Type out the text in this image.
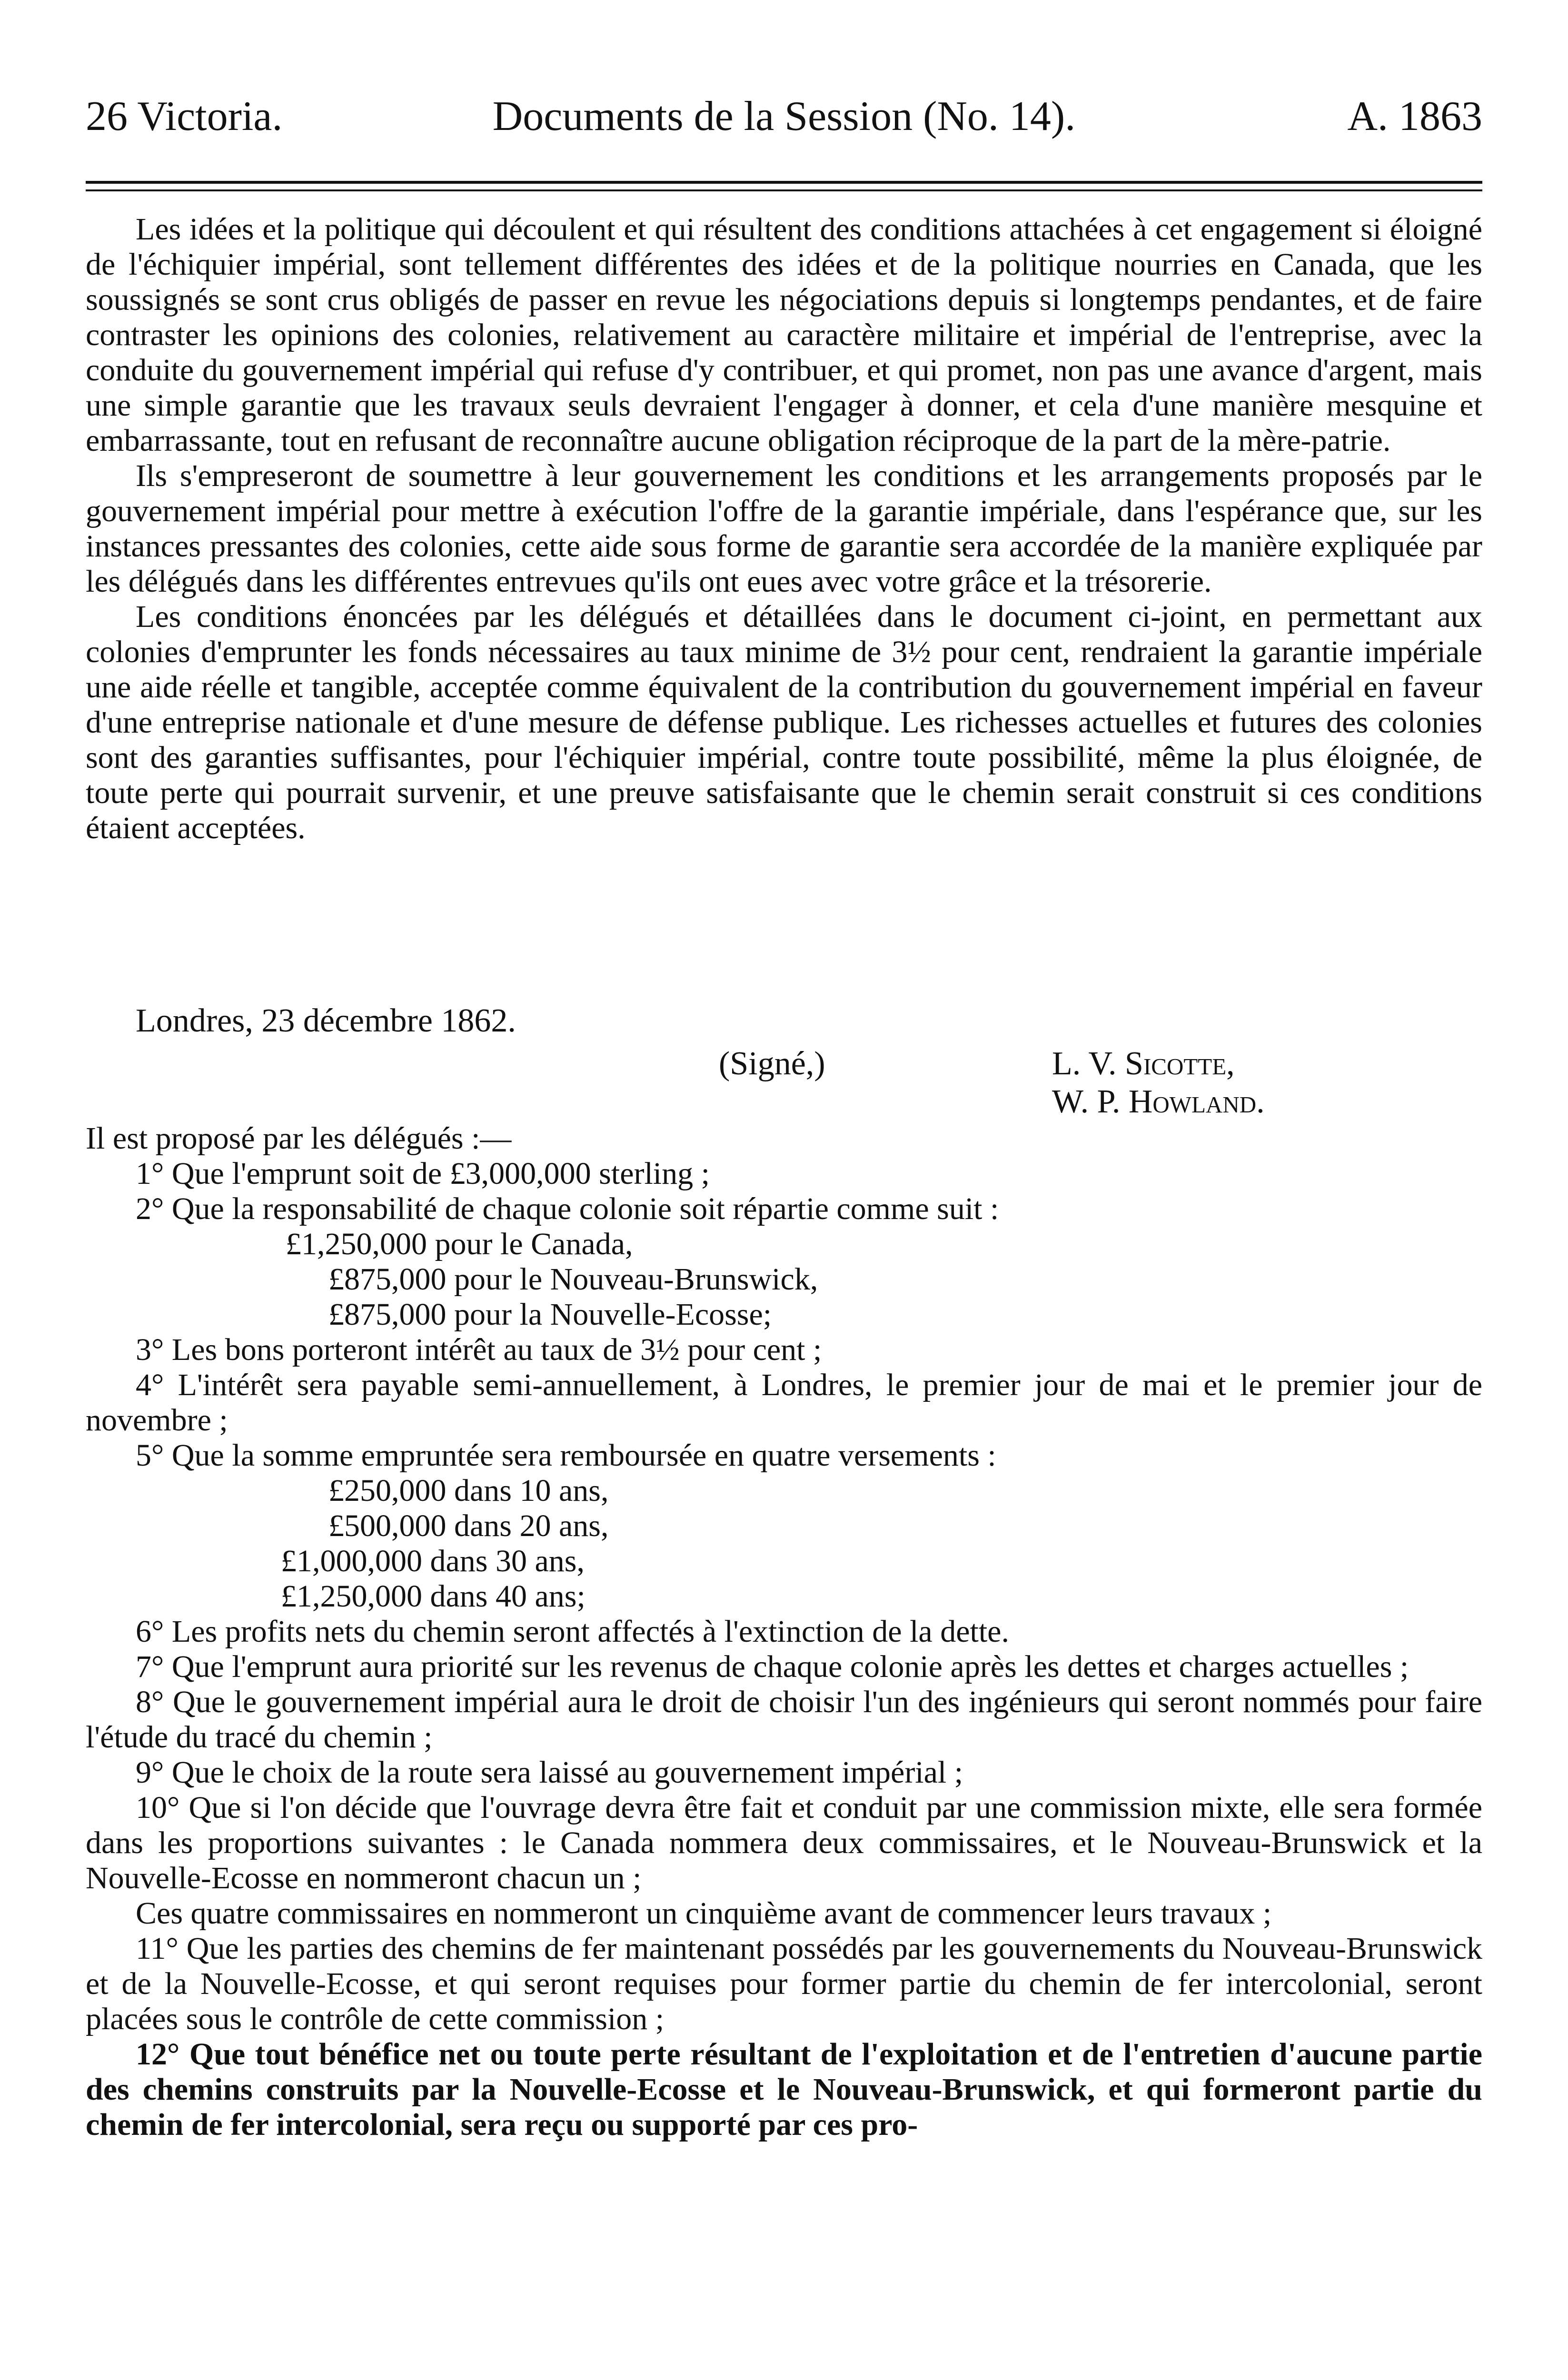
26 Victoria.	Documents de la Session (No. 14).	A. 1863

Les idées et la politique qui découlent et qui résultent des conditions attachées à cet engagement si éloigné de l'échiquier impérial, sont tellement différentes des idées et de la politique nourries en Canada, que les soussignés se sont crus obligés de passer en revue les négociations depuis si longtemps pendantes, et de faire contraster les opinions des colonies, relativement au caractère militaire et impérial de l'entreprise, avec la conduite du gouvernement impérial qui refuse d'y contribuer, et qui promet, non pas une avance d'argent, mais une simple garantie que les travaux seuls devraient l'engager à donner, et cela d'une manière mesquine et embarrassante, tout en refusant de reconnaître aucune obligation réciproque de la part de la mère-patrie.

Ils s'empreseront de soumettre à leur gouvernement les conditions et les arrangements proposés par le gouvernement impérial pour mettre à exécution l'offre de la garantie impériale, dans l'espérance que, sur les instances pressantes des colonies, cette aide sous forme de garantie sera accordée de la manière expliquée par les délégués dans les différentes entrevues qu'ils ont eues avec votre grâce et la trésorerie.

Les conditions énoncées par les délégués et détaillées dans le document ci-joint, en permettant aux colonies d'emprunter les fonds nécessaires au taux minime de 3½ pour cent, rendraient la garantie impériale une aide réelle et tangible, acceptée comme équivalent de la contribution du gouvernement impérial en faveur d'une entreprise nationale et d'une mesure de défense publique. Les richesses actuelles et futures des colonies sont des garanties suffisantes, pour l'échiquier impérial, contre toute possibilité, même la plus éloignée, de toute perte qui pourrait survenir, et une preuve satisfaisante que le chemin serait construit si ces conditions étaient acceptées.

Londres, 23 décembre 1862.
(Signé,)	L. V. Sicotte,
W. P. Howland.

Il est proposé par les délégués :—

1° Que l'emprunt soit de £3,000,000 sterling ;

2° Que la responsabilité de chaque colonie soit répartie comme suit :

£1,250,000 pour le Canada,

£875,000 pour le Nouveau-Brunswick,

£875,000 pour la Nouvelle-Ecosse;

3° Les bons porteront intérêt au taux de 3½ pour cent ;

4° L'intérêt sera payable semi-annuellement, à Londres, le premier jour de mai et le premier jour de novembre ;

5° Que la somme empruntée sera remboursée en quatre versements :

£250,000 dans 10 ans,

£500,000 dans 20 ans,

£1,000,000 dans 30 ans,

£1,250,000 dans 40 ans;

6° Les profits nets du chemin seront affectés à l'extinction de la dette.

7° Que l'emprunt aura priorité sur les revenus de chaque colonie après les dettes et charges actuelles ;

8° Que le gouvernement impérial aura le droit de choisir l'un des ingénieurs qui seront nommés pour faire l'étude du tracé du chemin ;

9° Que le choix de la route sera laissé au gouvernement impérial ;

10° Que si l'on décide que l'ouvrage devra être fait et conduit par une commission mixte, elle sera formée dans les proportions suivantes : le Canada nommera deux commissaires, et le Nouveau-Brunswick et la Nouvelle-Ecosse en nommeront chacun un ;

Ces quatre commissaires en nommeront un cinquième avant de commencer leurs travaux ;

11° Que les parties des chemins de fer maintenant possédés par les gouvernements du Nouveau-Brunswick et de la Nouvelle-Ecosse, et qui seront requises pour former partie du chemin de fer intercolonial, seront placées sous le contrôle de cette commission ;

12° Que tout bénéfice net ou toute perte résultant de l'exploitation et de l'entretien d'aucune partie des chemins construits par la Nouvelle-Ecosse et le Nouveau-Brunswick, et qui formeront partie du chemin de fer intercolonial, sera reçu ou supporté par ces pro-
